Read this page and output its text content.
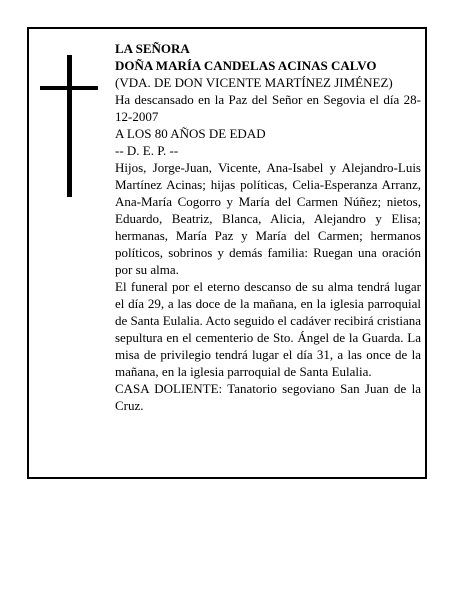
LA SEÑORA

DOÑA MARÍA CANDELAS ACINAS CALVO

(VDA. DE DON VICENTE MARTÍNEZ JIMÉNEZ)

Ha descansado en la Paz del Señor en Segovia el día 28-12-2007

A LOS 80 AÑOS DE EDAD

-- D. E. P. --

Hijos, Jorge-Juan, Vicente, Ana-Isabel y Alejandro-Luis Martínez Acinas; hijas políticas, Celia-Esperanza Arranz, Ana-María Cogorro y María del Carmen Núñez; nietos, Eduardo, Beatriz, Blanca, Alicia, Alejandro y Elisa; hermanas, María Paz y María del Carmen; hermanos políticos, sobrinos y demás familia: Ruegan una oración por su alma.

El funeral por el eterno descanso de su alma tendrá lugar el día 29, a las doce de la mañana, en la iglesia parroquial de Santa Eulalia. Acto seguido el cadáver recibirá cristiana sepultura en el cementerio de Sto. Ángel de la Guarda. La misa de privilegio tendrá lugar el día 31, a las once de la mañana, en la iglesia parroquial de Santa Eulalia.

CASA DOLIENTE: Tanatorio segoviano San Juan de la Cruz.
